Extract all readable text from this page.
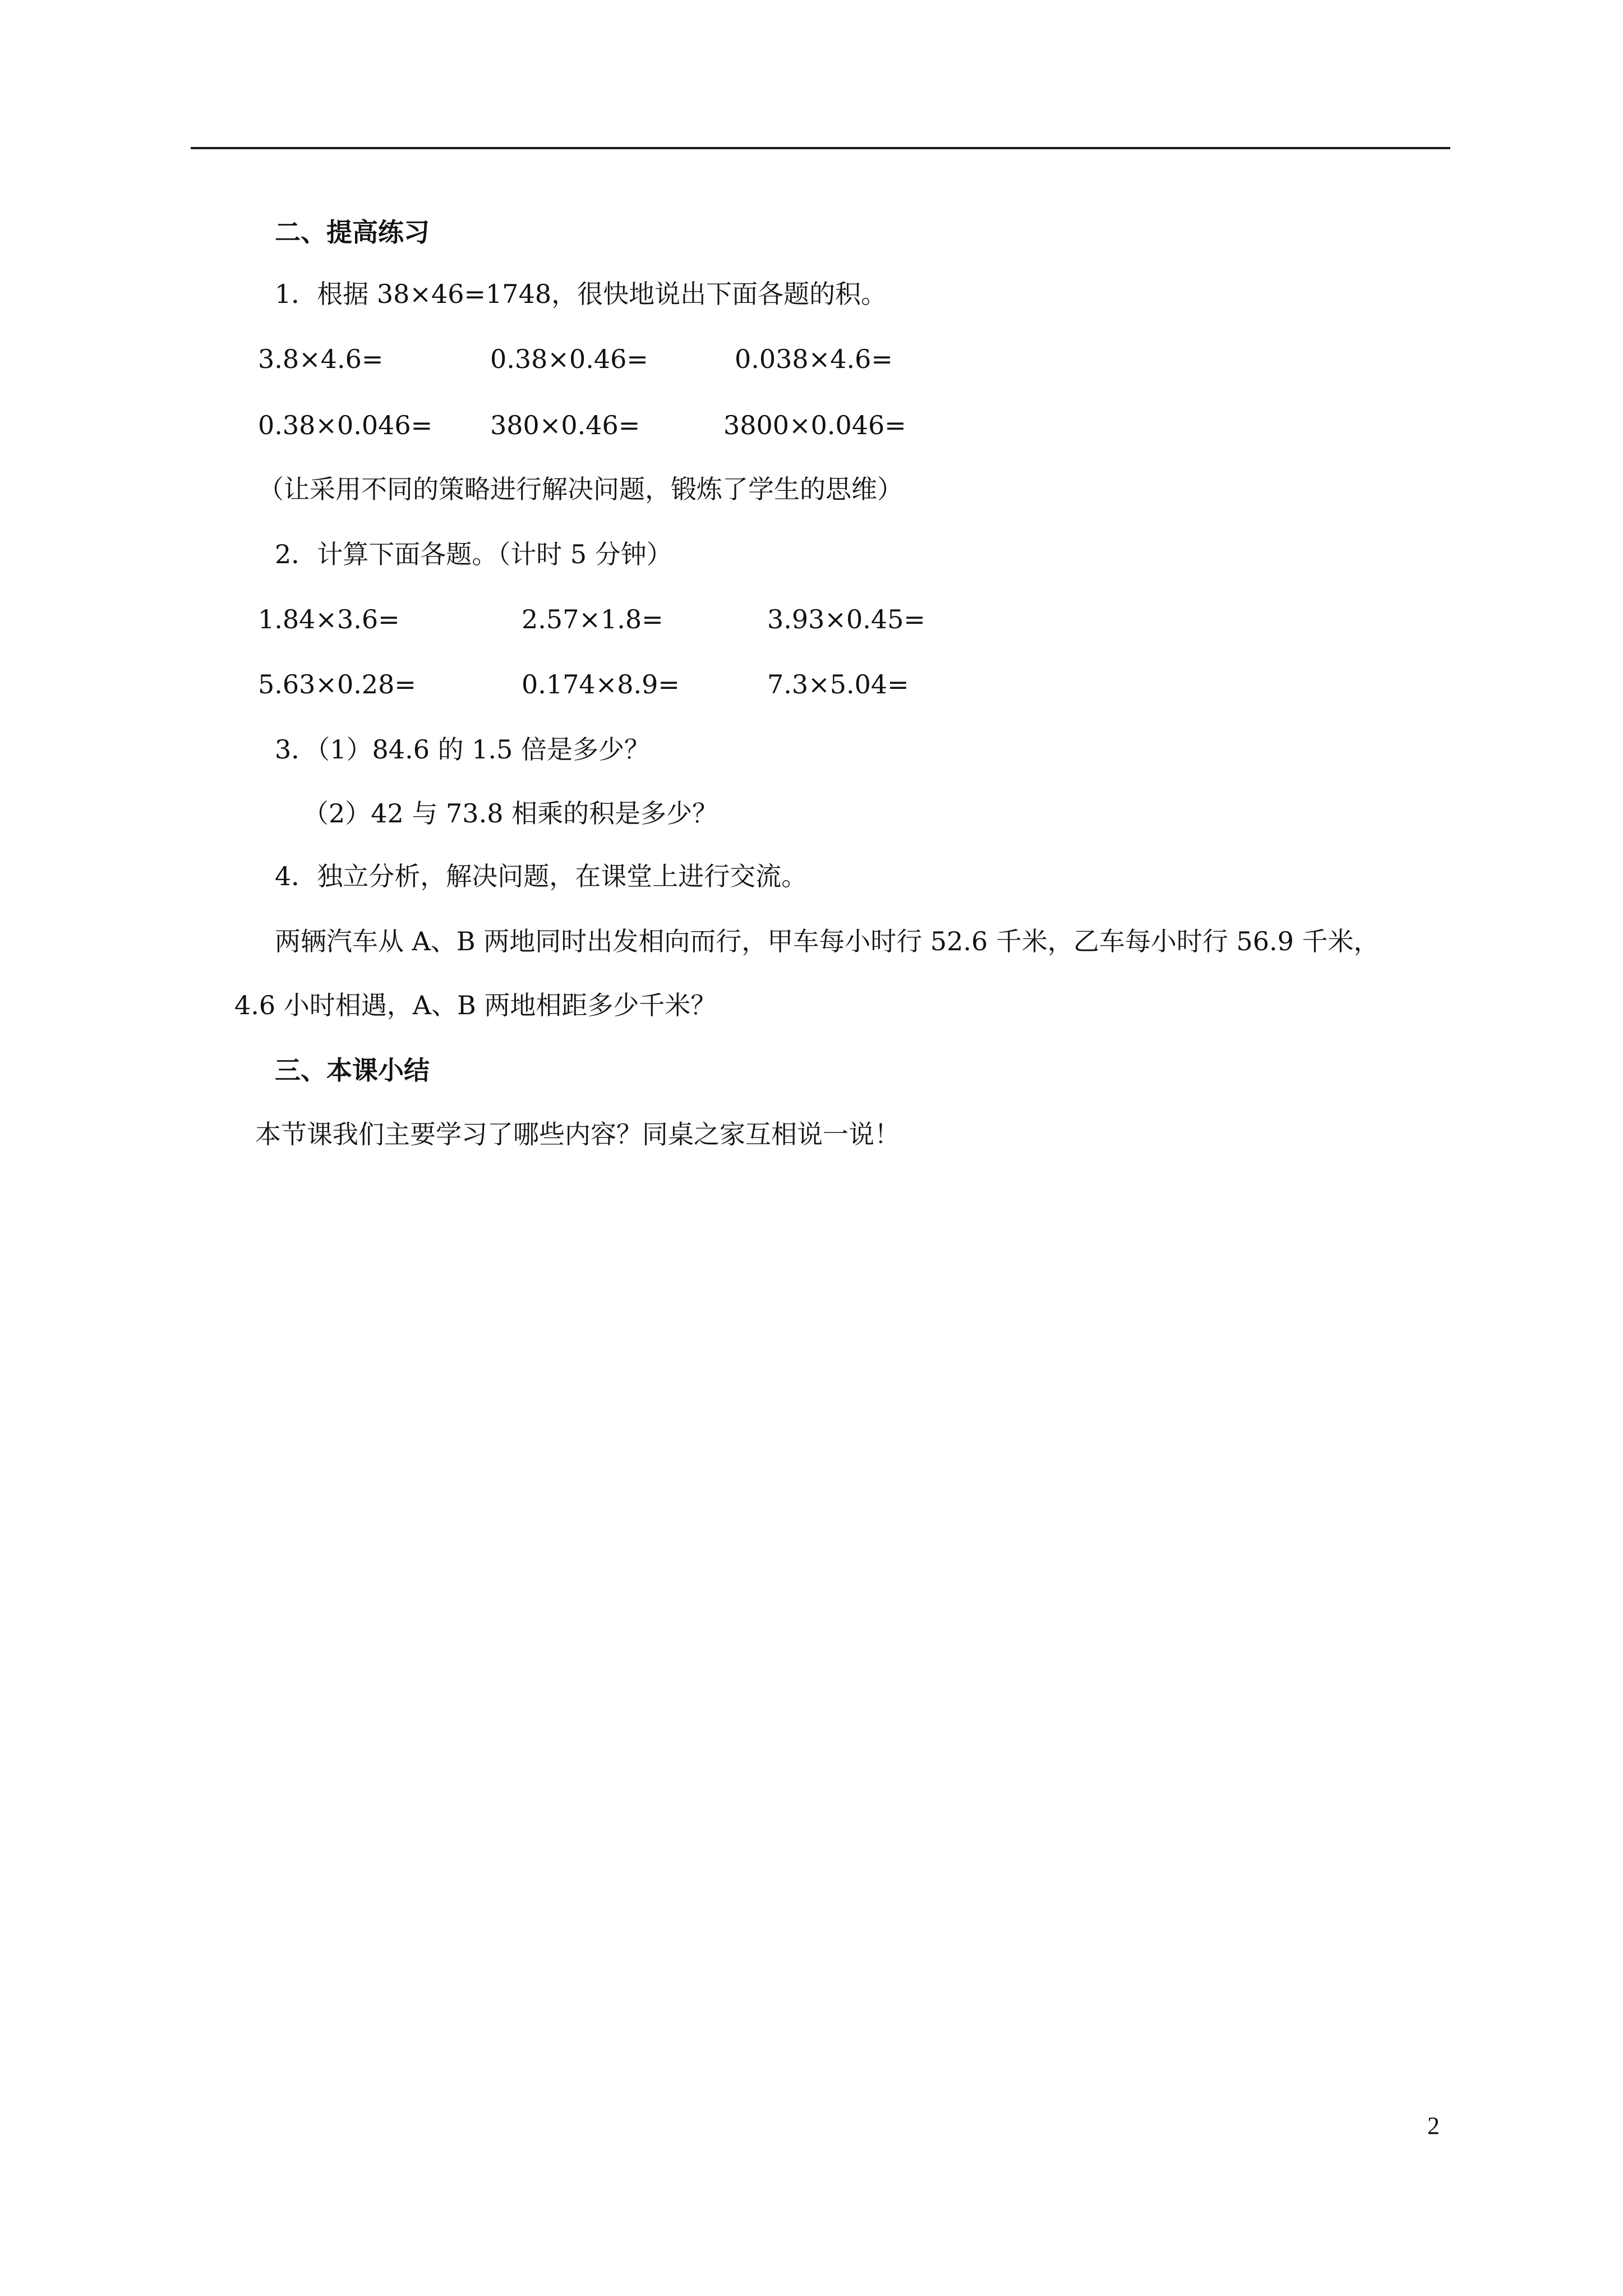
二、提高练习
1．根据 38×46=1748，很快地说出下面各题的积。
3.8×4.6=	0.38×0.46=	0.038×4.6=
0.38×0.046= 380×0.46=	3800×0.046=
（让采用不同的策略进行解决问题，锻炼了学生的思维）
2．计算下面各题。（计时 5 分钟）
1.84×3.6=	2.57×1.8=	3.93×0.45=
5.63×0.28=	0.174×8.9=	7.3×5.04=
3．（1）84.6 的 1.5 倍是多少？
（2）42 与 73.8 相乘的积是多少？
4．独立分析，解决问题，在课堂上进行交流。
两辆汽车从 A、B 两地同时出发相向而行，甲车每小时行 52.6 千米，乙车每小时行 56.9 千米，
4.6 小时相遇，A、B 两地相距多少千米？
三、本课小结
本节课我们主要学习了哪些内容？同桌之家互相说一说！
2
